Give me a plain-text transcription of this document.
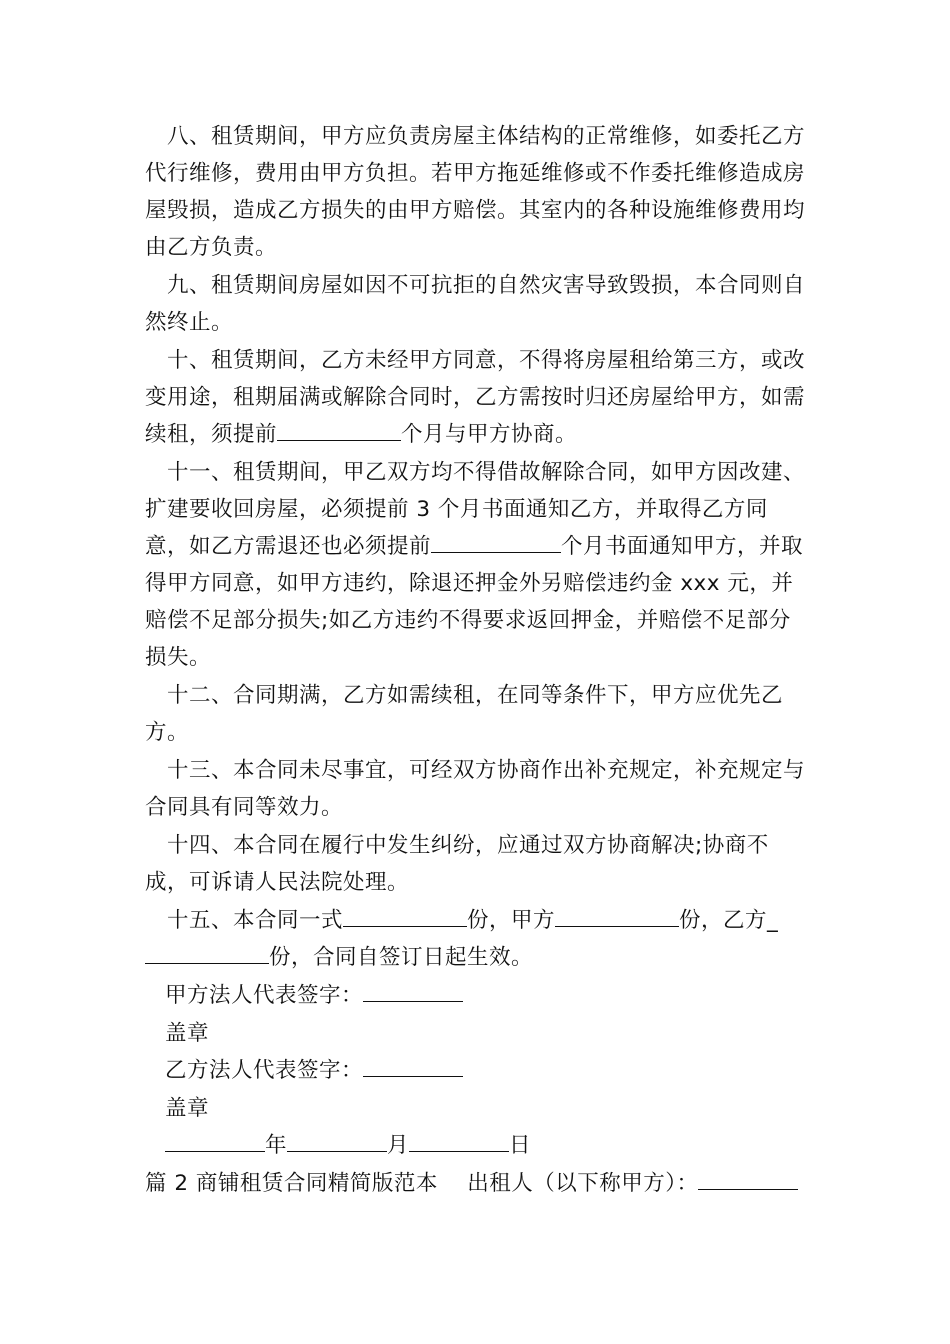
八、租赁期间，甲方应负责房屋主体结构的正常维修，如委托乙方代行维修，费用由甲方负担。若甲方拖延维修或不作委托维修造成房屋毁损，造成乙方损失的由甲方赔偿。其室内的各种设施维修费用均由乙方负责。

九、租赁期间房屋如因不可抗拒的自然灾害导致毁损，本合同则自然终止。

十、租赁期间，乙方未经甲方同意，不得将房屋租给第三方，或改变用途，租期届满或解除合同时，乙方需按时归还房屋给甲方，如需续租，须提前	个月与甲方协商。

十一、租赁期间，甲乙双方均不得借故解除合同，如甲方因改建、扩建要收回房屋，必须提前 3 个月书面通知乙方，并取得乙方同意，如乙方需退还也必须提前	个月书面通知甲方，并取得甲方同意，如甲方违约，除退还押金外另赔偿违约金 xxx 元，并赔偿不足部分损失;如乙方违约不得要求返回押金，并赔偿不足部分损失。

十二、合同期满，乙方如需续租，在同等条件下，甲方应优先乙方。

十三、本合同未尽事宜，可经双方协商作出补充规定，补充规定与合同具有同等效力。

十四、本合同在履行中发生纠纷，应通过双方协商解决;协商不成，可诉请人民法院处理。

十五、本合同一式	份，甲方	份，乙方_份，合同自签订日起生效。

甲方法人代表签字：
盖章
乙方法人代表签字：
盖章
年	月	日
篇 2 商铺租赁合同精简版范本 出租人（以下称甲方）：
